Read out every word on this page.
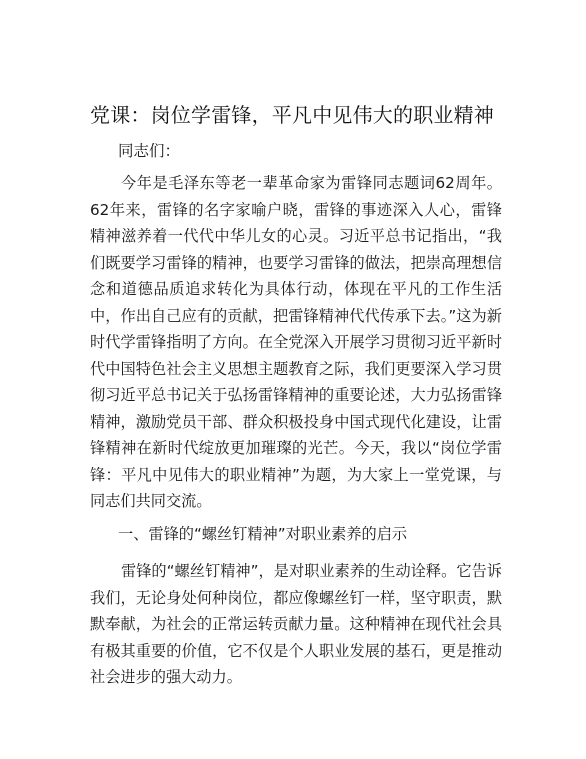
党课：岗位学雷锋，平凡中见伟大的职业精神
同志们：

今年是毛泽东等老一辈革命家为雷锋同志题词62周年。62年来，雷锋的名字家喻户晓，雷锋的事迹深入人心，雷锋精神滋养着一代代中华儿女的心灵。习近平总书记指出，“我们既要学习雷锋的精神，也要学习雷锋的做法，把崇高理想信念和道德品质追求转化为具体行动，体现在平凡的工作生活中，作出自己应有的贡献，把雷锋精神代代传承下去。”这为新时代学雷锋指明了方向。在全党深入开展学习贯彻习近平新时代中国特色社会主义思想主题教育之际，我们更要深入学习贯彻习近平总书记关于弘扬雷锋精神的重要论述，大力弘扬雷锋精神，激励党员干部、群众积极投身中国式现代化建设，让雷锋精神在新时代绽放更加璀璨的光芒。今天，我以“岗位学雷锋：平凡中见伟大的职业精神”为题，为大家上一堂党课，与同志们共同交流。

一、雷锋的“螺丝钉精神”对职业素养的启示

雷锋的“螺丝钉精神”，是对职业素养的生动诠释。它告诉我们，无论身处何种岗位，都应像螺丝钉一样，坚守职责，默默奉献，为社会的正常运转贡献力量。这种精神在现代社会具有极其重要的价值，它不仅是个人职业发展的基石，更是推动社会进步的强大动力。
